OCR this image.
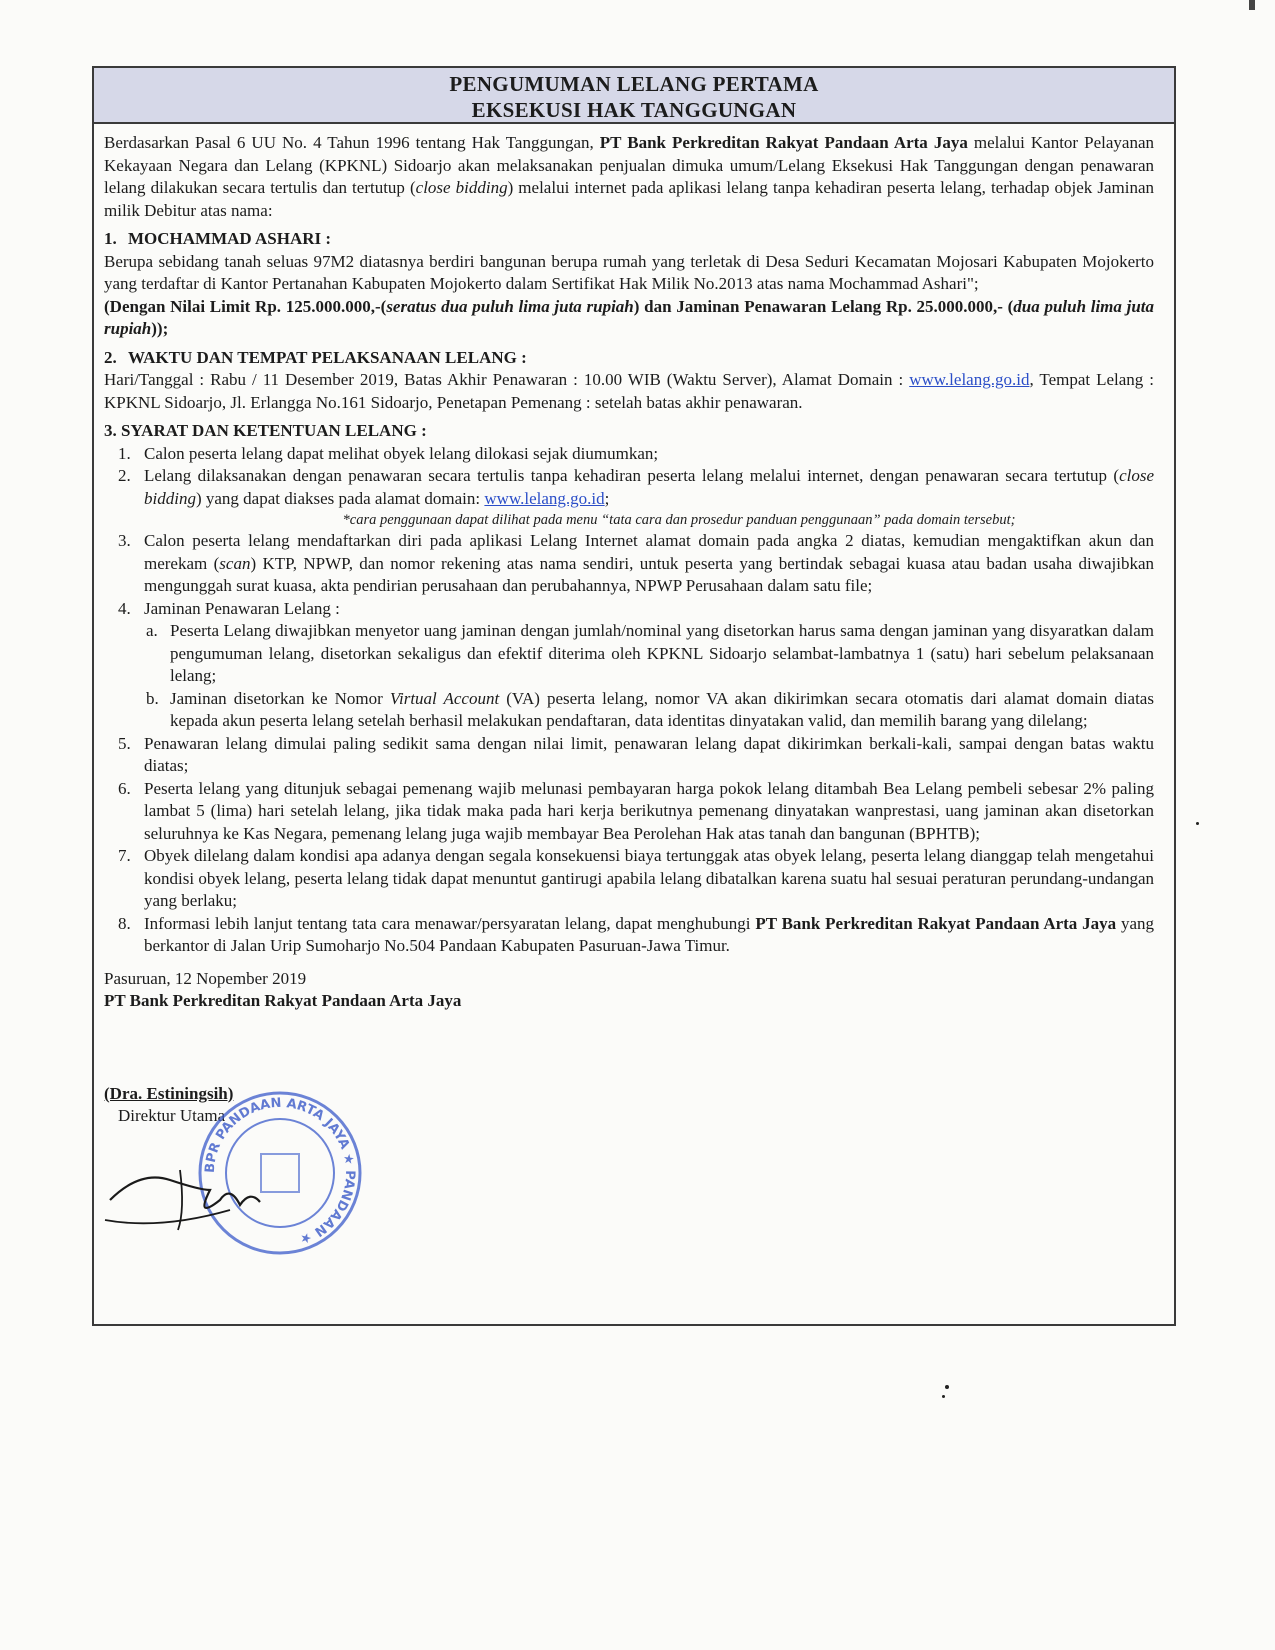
PENGUMUMAN LELANG PERTAMA
EKSEKUSI HAK TANGGUNGAN

Berdasarkan Pasal 6 UU No. 4 Tahun 1996 tentang Hak Tanggungan, PT Bank Perkreditan Rakyat Pandaan Arta Jaya melalui Kantor Pelayanan Kekayaan Negara dan Lelang (KPKNL) Sidoarjo akan melaksanakan penjualan dimuka umum/Lelang Eksekusi Hak Tanggungan dengan penawaran lelang dilakukan secara tertulis dan tertutup (close bidding) melalui internet pada aplikasi lelang tanpa kehadiran peserta lelang, terhadap objek Jaminan milik Debitur atas nama:

1. MOCHAMMAD ASHARI :

Berupa sebidang tanah seluas 97M2 diatasnya berdiri bangunan berupa rumah yang terletak di Desa Seduri Kecamatan Mojosari Kabupaten Mojokerto yang terdaftar di Kantor Pertanahan Kabupaten Mojokerto dalam Sertifikat Hak Milik No.2013 atas nama Mochammad Ashari";

(Dengan Nilai Limit Rp. 125.000.000,-(seratus dua puluh lima juta rupiah) dan Jaminan Penawaran Lelang Rp. 25.000.000,- (dua puluh lima juta rupiah));

2. WAKTU DAN TEMPAT PELAKSANAAN LELANG :

Hari/Tanggal : Rabu / 11 Desember 2019, Batas Akhir Penawaran : 10.00 WIB (Waktu Server), Alamat Domain : www.lelang.go.id, Tempat Lelang : KPKNL Sidoarjo, Jl. Erlangga No.161 Sidoarjo, Penetapan Pemenang : setelah batas akhir penawaran.

3. SYARAT DAN KETENTUAN LELANG :
1. Calon peserta lelang dapat melihat obyek lelang dilokasi sejak diumumkan;
2. Lelang dilaksanakan dengan penawaran secara tertulis tanpa kehadiran peserta lelang melalui internet, dengan penawaran secara tertutup (close bidding) yang dapat diakses pada alamat domain: www.lelang.go.id;
*cara penggunaan dapat dilihat pada menu “tata cara dan prosedur panduan penggunaan” pada domain tersebut;
3. Calon peserta lelang mendaftarkan diri pada aplikasi Lelang Internet alamat domain pada angka 2 diatas, kemudian mengaktifkan akun dan merekam (scan) KTP, NPWP, dan nomor rekening atas nama sendiri, untuk peserta yang bertindak sebagai kuasa atau badan usaha diwajibkan mengunggah surat kuasa, akta pendirian perusahaan dan perubahannya, NPWP Perusahaan dalam satu file;
4. Jaminan Penawaran Lelang :
a. Peserta Lelang diwajibkan menyetor uang jaminan dengan jumlah/nominal yang disetorkan harus sama dengan jaminan yang disyaratkan dalam pengumuman lelang, disetorkan sekaligus dan efektif diterima oleh KPKNL Sidoarjo selambat-lambatnya 1 (satu) hari sebelum pelaksanaan lelang;
b. Jaminan disetorkan ke Nomor Virtual Account (VA) peserta lelang, nomor VA akan dikirimkan secara otomatis dari alamat domain diatas kepada akun peserta lelang setelah berhasil melakukan pendaftaran, data identitas dinyatakan valid, dan memilih barang yang dilelang;
5. Penawaran lelang dimulai paling sedikit sama dengan nilai limit, penawaran lelang dapat dikirimkan berkali-kali, sampai dengan batas waktu diatas;
6. Peserta lelang yang ditunjuk sebagai pemenang wajib melunasi pembayaran harga pokok lelang ditambah Bea Lelang pembeli sebesar 2% paling lambat 5 (lima) hari setelah lelang, jika tidak maka pada hari kerja berikutnya pemenang dinyatakan wanprestasi, uang jaminan akan disetorkan seluruhnya ke Kas Negara, pemenang lelang juga wajib membayar Bea Perolehan Hak atas tanah dan bangunan (BPHTB);
7. Obyek dilelang dalam kondisi apa adanya dengan segala konsekuensi biaya tertunggak atas obyek lelang, peserta lelang dianggap telah mengetahui kondisi obyek lelang, peserta lelang tidak dapat menuntut gantirugi apabila lelang dibatalkan karena suatu hal sesuai peraturan perundang-undangan yang berlaku;
8. Informasi lebih lanjut tentang tata cara menawar/persyaratan lelang, dapat menghubungi PT Bank Perkreditan Rakyat Pandaan Arta Jaya yang berkantor di Jalan Urip Sumoharjo No.504 Pandaan Kabupaten Pasuruan-Jawa Timur.
Pasuruan, 12 Nopember 2019
PT Bank Perkreditan Rakyat Pandaan Arta Jaya
(Dra. Estiningsih)
Direktur Utama
BPR PANDAAN ARTA JAYA ★ PANDAAN ★
